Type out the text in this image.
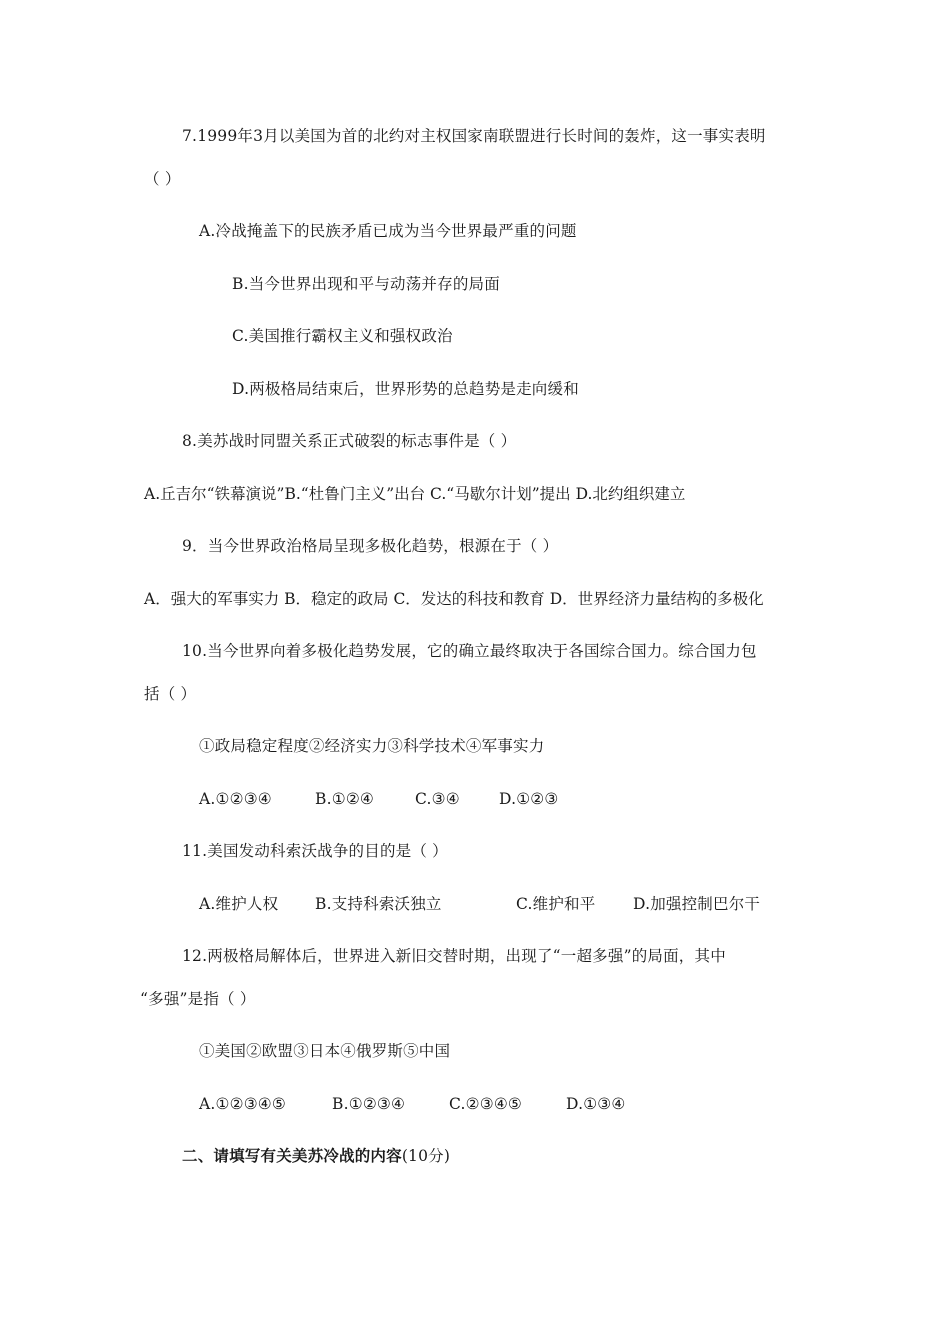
7.1999年3月以美国为首的北约对主权国家南联盟进行长时间的轰炸，这一事实表明
（ ）
A.冷战掩盖下的民族矛盾已成为当今世界最严重的问题
B.当今世界出现和平与动荡并存的局面
C.美国推行霸权主义和强权政治
D.两极格局结束后，世界形势的总趋势是走向缓和
8.美苏战时同盟关系正式破裂的标志事件是（ ）
A.丘吉尔“铁幕演说”B.“杜鲁门主义”出台 C.“马歇尔计划”提出 D.北约组织建立
9．当今世界政治格局呈现多极化趋势，根源在于（ ）
A．强大的军事实力 B．稳定的政局 C．发达的科技和教育 D．世界经济力量结构的多极化
10.当今世界向着多极化趋势发展，它的确立最终取决于各国综合国力。综合国力包
括（ ）
①政局稳定程度②经济实力③科学技术④军事实力
A.①②③④	B.①②④	C.③④	D.①②③
11.美国发动科索沃战争的目的是（ ）
A.维护人权 B.支持科索沃独立	C.维护和平 D.加强控制巴尔干
12.两极格局解体后，世界进入新旧交替时期，出现了“一超多强”的局面，其中
“多强”是指（ ）
①美国②欧盟③日本④俄罗斯⑤中国
A.①②③④⑤	B.①②③④	C.②③④⑤	D.①③④
二、请填写有关美苏冷战的内容(10分)
